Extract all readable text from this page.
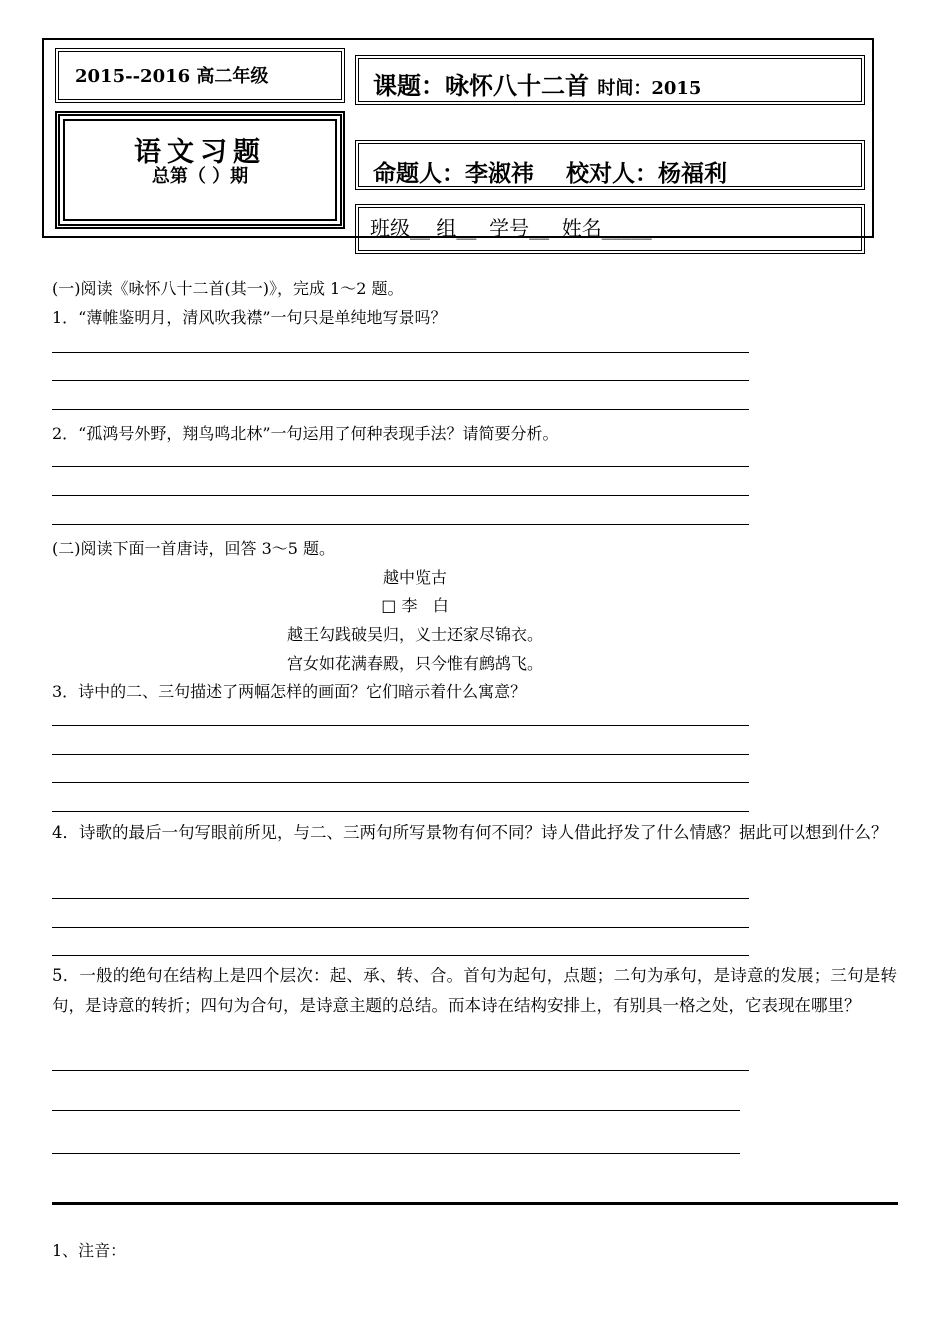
2015--2016 高二年级
语文习题
总第（ ）期
课题：咏怀八十二首 时间：2015
命题人：李淑祎    校对人：杨福利
班级__ 组__  学号__  姓名_____
(一)阅读《咏怀八十二首(其一)》，完成 1～2 题。
1．“薄帷鉴明月，清风吹我襟”一句只是单纯地写景吗？
2．“孤鸿号外野，翔鸟鸣北林”一句运用了何种表现手法？请简要分析。
(二)阅读下面一首唐诗，回答 3～5 题。
越中览古
□ 李   白
越王勾践破吴归，义士还家尽锦衣。
宫女如花满春殿，只今惟有鹧鸪飞。
3．诗中的二、三句描述了两幅怎样的画面？它们暗示着什么寓意？
4．诗歌的最后一句写眼前所见，与二、三两句所写景物有何不同？诗人借此抒发了什么情感？据此可以想到什么？
5．一般的绝句在结构上是四个层次：起、承、转、合。首句为起句，点题；二句为承句，是诗意的发展；三句是转句，是诗意的转折；四句为合句，是诗意主题的总结。而本诗在结构安排上，有别具一格之处，它表现在哪里？
1、注音：
